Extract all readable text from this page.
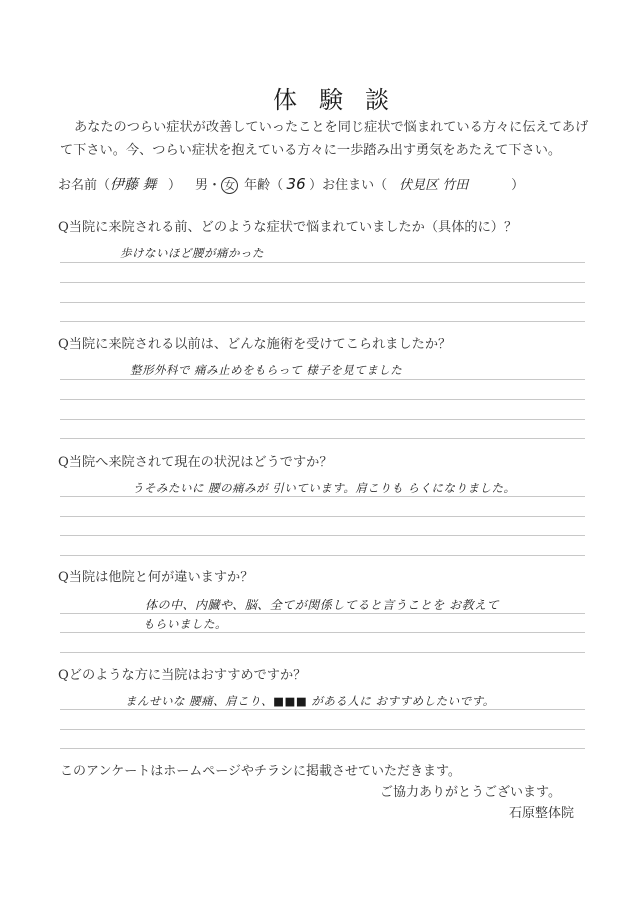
体験談
あなたのつらい症状が改善していったことを同じ症状で悩まれている方々に伝えてあげ
て下さい。今、つらい症状を抱えている方々に一歩踏み出す勇気をあたえて下さい。
お名前（ 伊藤 舞 ） 男 ・ 女 年齢（ 36 ） お住まい（ 伏見区 竹田	）
Q当院に来院される前、どのような症状で悩まれていましたか（具体的に）？
歩けないほど腰が痛かった
Q当院に来院される以前は、どんな施術を受けてこられましたか？
整形外科で 痛み止めをもらって 様子を見てました
Q当院へ来院されて現在の状況はどうですか？
うそみたいに 腰の痛みが 引いています。肩こりも らくになりました。
Q当院は他院と何が違いますか？
体の中、内臓や、脳、全てが関係してると言うことを お教えて
もらいました。
Qどのような方に当院はおすすめですか？
まんせいな 腰痛、肩こり、■■■ がある人に おすすめしたいです。
このアンケートはホームページやチラシに掲載させていただきます。
ご協力ありがとうございます。
石原整体院
